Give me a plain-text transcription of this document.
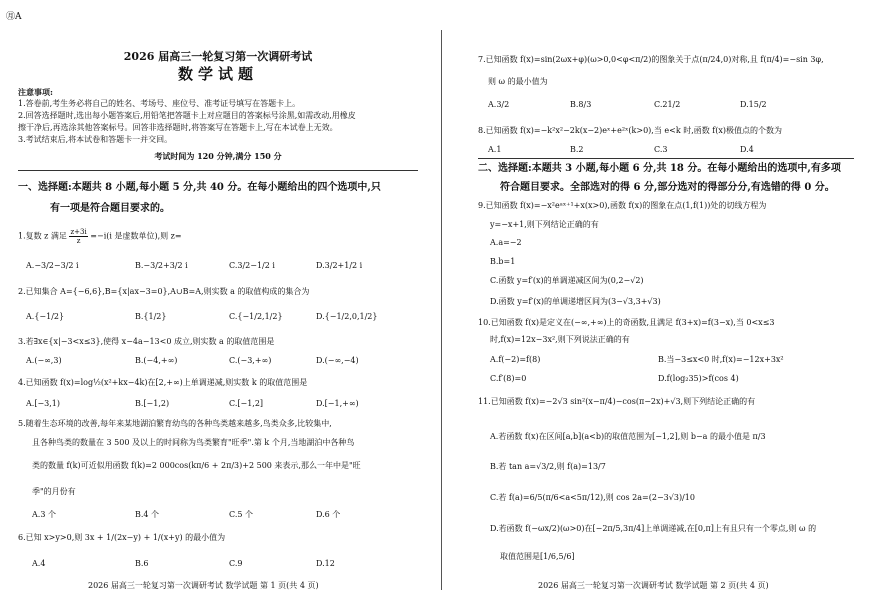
㊊A
2026 届高三一轮复习第一次调研考试
数学试题
注意事项:
1.答卷前,考生务必将自己的姓名、考场号、座位号、准考证号填写在答题卡上。
2.回答选择题时,选出每小题答案后,用铅笔把答题卡上对应题目的答案标号涂黑,如需改动,用橡皮
擦干净后,再选涂其他答案标号。回答非选择题时,将答案写在答题卡上,写在本试卷上无效。
3.考试结束后,将本试卷和答题卡一并交回。
考试时间为 120 分钟,满分 150 分
一、选择题:本题共 8 小题,每小题 5 分,共 40 分。在每小题给出的四个选项中,只
有一项是符合题目要求的。
1.复数 z 满足 $\frac{z+3i}{z} =-i(i$ 是虚数单位),则 z=
A.−3/2−3/2 i	B.−3/2+3/2 i	C.3/2−1/2 i	D.3/2+1/2 i
2.已知集合 A={−6,6},B={x|ax−3=0},A∪B=A,则实数 a 的取值构成的集合为
A.{−1/2}	B.{1/2}	C.{−1/2,1/2}	D.{−1/2,0,1/2}
3.若∃x∈{x|−3<x≤3},使得 x−4a−13<0 成立,则实数 a 的取值范围是
A.(−∞,3)	B.(−4,+∞)	C.(−3,+∞)	D.(−∞,−4)
4.已知函数 f(x)=log½(x²+kx−4k)在[2,+∞)上单调递减,则实数 k 的取值范围是
A.[−3,1)	B.[−1,2)	C.[−1,2]	D.[−1,+∞)
5.随着生态环境的改善,每年来某地湖泊繁育幼鸟的各种鸟类越来越多,鸟类众多,比较集中,
且各种鸟类的数量在 3 500 及以上的时间称为鸟类繁育"旺季".第 k 个月,当地湖泊中各种鸟
类的数量 f(k)可近似用函数 f(k)=2 000cos(kπ/6 + 2π/3)+2 500 来表示,那么一年中是"旺
季"的月份有
A.3 个	B.4 个	C.5 个	D.6 个
6.已知 x>y>0,则 3x + 1/(2x−y) + 1/(x+y) 的最小值为
A.4	B.6	C.9	D.12
2026 届高三一轮复习第一次调研考试 数学试题 第 1 页(共 4 页)
7.已知函数 f(x)=sin(2ωx+φ)(ω>0,0<φ<π/2)的图象关于点(π/24,0)对称,且 f(π/4)=−sin 3φ,
则 ω 的最小值为
A.3/2	B.8/3	C.21/2	D.15/2
8.已知函数 f(x)=−k²x²−2k(x−2)eˣ+e²ˣ(k>0),当 e<k 时,函数 f(x)极值点的个数为
A.1	B.2	C.3	D.4
二、选择题:本题共 3 小题,每小题 6 分,共 18 分。在每小题给出的选项中,有多项
符合题目要求。全部选对的得 6 分,部分选对的得部分分,有选错的得 0 分。
9.已知函数 f(x)=−x²eᵃˣ⁺¹+x(x>0),函数 f(x)的图象在点(1,f(1))处的切线方程为
y=−x+1,则下列结论正确的有
A.a=−2
B.b=1
C.函数 y=f′(x)的单调递减区间为(0,2−√2)
D.函数 y=f′(x)的单调递增区间为(3−√3,3+√3)
10.已知函数 f(x)是定义在(−∞,+∞)上的奇函数,且满足 f(3+x)=f(3−x),当 0<x≤3
时,f(x)=12x−3x²,则下列说法正确的有
A.f(−2)=f(8)	B.当−3≤x<0 时,f(x)=−12x+3x²
C.f′(8)=0	D.f(log₂35)>f(cos 4)
11.已知函数 f(x)=−2√3 sin²(x−π/4)−cos(π−2x)+√3,则下列结论正确的有
A.若函数 f(x)在区间[a,b](a<b)的取值范围为[−1,2],则 b−a 的最小值是 π/3
B.若 tan a=√3/2,则 f(a)=13/7
C.若 f(a)=6/5(π/6<a<5π/12),则 cos 2a=(2−3√3)/10
D.若函数 f(−ωx/2)(ω>0)在[−2π/5,3π/4]上单调递减,在[0,π]上有且只有一个零点,则 ω 的
取值范围是[1/6,5/6]
2026 届高三一轮复习第一次调研考试 数学试题 第 2 页(共 4 页)
